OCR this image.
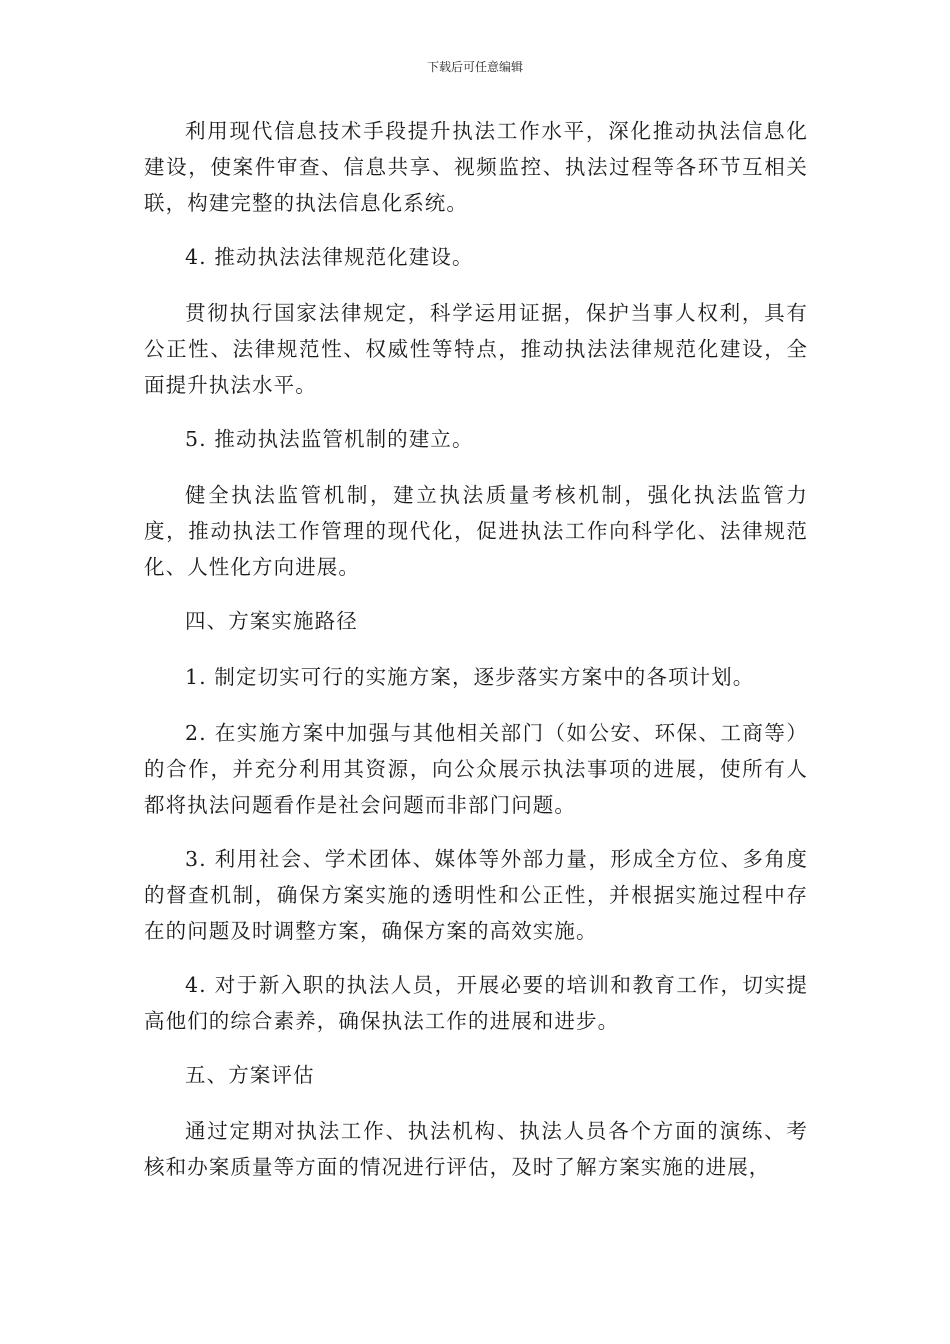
下载后可任意编辑

利用现代信息技术手段提升执法工作水平，深化推动执法信息化建设，使案件审查、信息共享、视频监控、执法过程等各环节互相关联，构建完整的执法信息化系统。

4. 推动执法法律规范化建设。

贯彻执行国家法律规定，科学运用证据，保护当事人权利，具有公正性、法律规范性、权威性等特点，推动执法法律规范化建设，全面提升执法水平。

5. 推动执法监管机制的建立。

健全执法监管机制，建立执法质量考核机制，强化执法监管力度，推动执法工作管理的现代化，促进执法工作向科学化、法律规范化、人性化方向进展。

四、方案实施路径

1. 制定切实可行的实施方案，逐步落实方案中的各项计划。

2. 在实施方案中加强与其他相关部门（如公安、环保、工商等）的合作，并充分利用其资源，向公众展示执法事项的进展，使所有人都将执法问题看作是社会问题而非部门问题。

3. 利用社会、学术团体、媒体等外部力量，形成全方位、多角度的督查机制，确保方案实施的透明性和公正性，并根据实施过程中存在的问题及时调整方案，确保方案的高效实施。

4. 对于新入职的执法人员，开展必要的培训和教育工作，切实提高他们的综合素养，确保执法工作的进展和进步。

五、方案评估

通过定期对执法工作、执法机构、执法人员各个方面的演练、考核和办案质量等方面的情况进行评估，及时了解方案实施的进展，
